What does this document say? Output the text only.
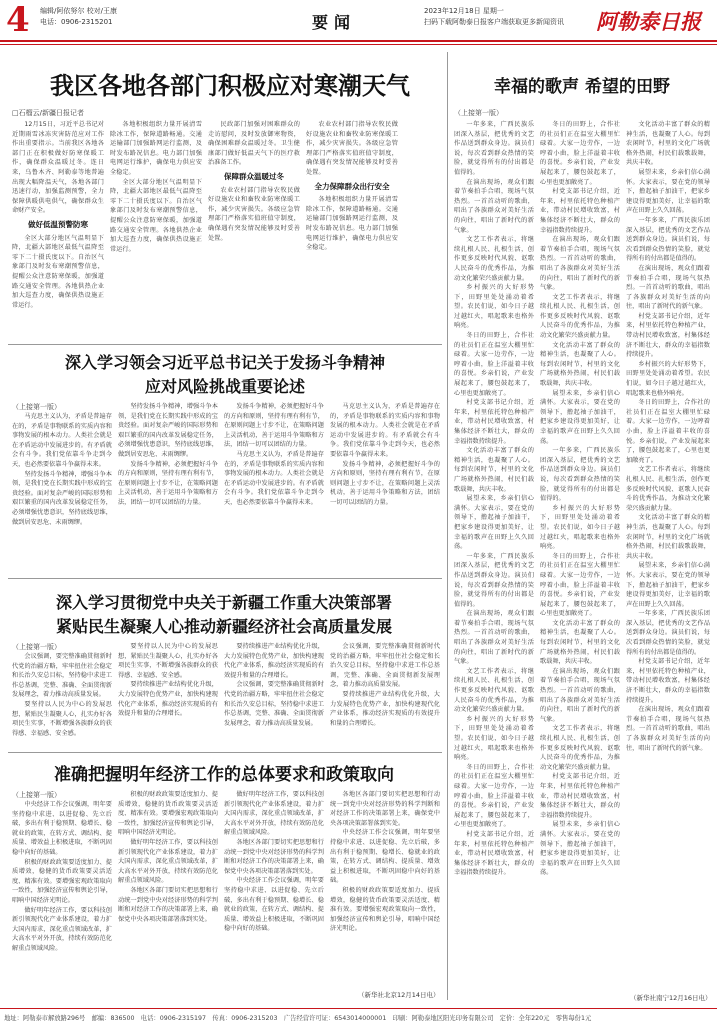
4 编辑/阿依努尔 校对/王康
电话：0906-2315201	要闻
2023年12月18日 星期一
扫码下载阿勒泰日报客户端获取更多新闻资讯 阿勒泰日报
我区各地各部门积极应对寒潮天气
□石榴云/新疆日报记者

12月15日，习近平总书记对近期雨雪冰冻灾害防范应对工作作出重要指示。当前我区各地各部门正在积极做好防寒保暖工作，确保群众温暖过冬。连日来，乌鲁木齐、阿勒泰等地普遍出现大幅降温天气，各地各部门迅速行动，加强监测预警，全力保障供暖供电供气，确保群众生命财产安全。

做好低温预警防寒

全区大部分地区气温明显下降，北疆大部地区最低气温降至零下二十摄氏度以下。自治区气象部门及时发布寒潮预警信息，提醒公众注意防寒保暖，加强道路交通安全管理。各地供热企业加大巡查力度，确保供热设施正常运行。

各地积极组织力量开展清雪除冰工作，保障道路畅通。交通运输部门加强路网运行监测，及时发布路况信息。电力部门加强电网运行维护，确保电力供应安全稳定。

全区大部分地区气温明显下降，北疆大部地区最低气温降至零下二十摄氏度以下。自治区气象部门及时发布寒潮预警信息，提醒公众注意防寒保暖，加强道路交通安全管理。各地供热企业加大巡查力度，确保供热设施正常运行。

民政部门加强对困难群众的走访慰问，及时发放御寒物资，确保困难群众温暖过冬。卫生健康部门做好低温天气下的医疗救治准备工作。

保障群众温暖过冬

农业农村部门指导农牧民做好设施农业和畜牧业防寒保暖工作，减少灾害损失。各级应急管理部门严格落实值班值守制度，确保遇有突发情况能够及时妥善处置。

农业农村部门指导农牧民做好设施农业和畜牧业防寒保暖工作，减少灾害损失。各级应急管理部门严格落实值班值守制度，确保遇有突发情况能够及时妥善处置。

全力保障群众出行安全

各地积极组织力量开展清雪除冰工作，保障道路畅通。交通运输部门加强路网运行监测，及时发布路况信息。电力部门加强电网运行维护，确保电力供应安全稳定。

幸福的歌声 希望的田野
（上接第一版）

一年多来，广西民族乐团深入基层，把优秀的文艺作品送到群众身边。演员们说，每次看到群众热情的笑脸，就觉得所有的付出都是值得的。

在演出现场，观众们跟着节奏拍手合唱，现场气氛热烈。一首首动听的歌曲，唱出了各族群众对美好生活的向往，唱出了新时代的新气象。

文艺工作者表示，将继续扎根人民、扎根生活，创作更多反映时代风貌、讴歌人民奋斗的优秀作品，为推动文化繁荣兴盛贡献力量。

乡村振兴的大好形势下，田野里处处涌动着希望。农民们说，如今日子越过越红火，唱起歌来也格外响亮。

冬日的田野上，合作社的社员们正在温室大棚里忙碌着。大家一边劳作，一边哼着小曲，脸上洋溢着丰收的喜悦。乡亲们说，产业发展起来了，腰包鼓起来了，心里也更加敞亮了。

村党支部书记介绍，近年来，村里依托特色种植产业，带动村民增收致富，村集体经济不断壮大，群众的幸福指数持续提升。

文化活动丰富了群众的精神生活，也凝聚了人心。每到农闲时节，村里的文化广场就格外热闹，村民们载歌载舞，共庆丰收。

展望未来，乡亲们信心满怀。大家表示，要在党的领导下，撸起袖子加油干，把家乡建设得更加美好，让幸福的歌声在田野上久久回荡。

一年多来，广西民族乐团深入基层，把优秀的文艺作品送到群众身边。演员们说，每次看到群众热情的笑脸，就觉得所有的付出都是值得的。

在演出现场，观众们跟着节奏拍手合唱，现场气氛热烈。一首首动听的歌曲，唱出了各族群众对美好生活的向往，唱出了新时代的新气象。

文艺工作者表示，将继续扎根人民、扎根生活，创作更多反映时代风貌、讴歌人民奋斗的优秀作品，为推动文化繁荣兴盛贡献力量。

乡村振兴的大好形势下，田野里处处涌动着希望。农民们说，如今日子越过越红火，唱起歌来也格外响亮。

冬日的田野上，合作社的社员们正在温室大棚里忙碌着。大家一边劳作，一边哼着小曲，脸上洋溢着丰收的喜悦。乡亲们说，产业发展起来了，腰包鼓起来了，心里也更加敞亮了。

村党支部书记介绍，近年来，村里依托特色种植产业，带动村民增收致富，村集体经济不断壮大，群众的幸福指数持续提升。

冬日的田野上，合作社的社员们正在温室大棚里忙碌着。大家一边劳作，一边哼着小曲，脸上洋溢着丰收的喜悦。乡亲们说，产业发展起来了，腰包鼓起来了，心里也更加敞亮了。

村党支部书记介绍，近年来，村里依托特色种植产业，带动村民增收致富，村集体经济不断壮大，群众的幸福指数持续提升。

在演出现场，观众们跟着节奏拍手合唱，现场气氛热烈。一首首动听的歌曲，唱出了各族群众对美好生活的向往，唱出了新时代的新气象。

文艺工作者表示，将继续扎根人民、扎根生活，创作更多反映时代风貌、讴歌人民奋斗的优秀作品，为推动文化繁荣兴盛贡献力量。

文化活动丰富了群众的精神生活，也凝聚了人心。每到农闲时节，村里的文化广场就格外热闹，村民们载歌载舞，共庆丰收。

展望未来，乡亲们信心满怀。大家表示，要在党的领导下，撸起袖子加油干，把家乡建设得更加美好，让幸福的歌声在田野上久久回荡。

一年多来，广西民族乐团深入基层，把优秀的文艺作品送到群众身边。演员们说，每次看到群众热情的笑脸，就觉得所有的付出都是值得的。

乡村振兴的大好形势下，田野里处处涌动着希望。农民们说，如今日子越过越红火，唱起歌来也格外响亮。

冬日的田野上，合作社的社员们正在温室大棚里忙碌着。大家一边劳作，一边哼着小曲，脸上洋溢着丰收的喜悦。乡亲们说，产业发展起来了，腰包鼓起来了，心里也更加敞亮了。

文化活动丰富了群众的精神生活，也凝聚了人心。每到农闲时节，村里的文化广场就格外热闹，村民们载歌载舞，共庆丰收。

在演出现场，观众们跟着节奏拍手合唱，现场气氛热烈。一首首动听的歌曲，唱出了各族群众对美好生活的向往，唱出了新时代的新气象。

文艺工作者表示，将继续扎根人民、扎根生活，创作更多反映时代风貌、讴歌人民奋斗的优秀作品，为推动文化繁荣兴盛贡献力量。

村党支部书记介绍，近年来，村里依托特色种植产业，带动村民增收致富，村集体经济不断壮大，群众的幸福指数持续提升。

展望未来，乡亲们信心满怀。大家表示，要在党的领导下，撸起袖子加油干，把家乡建设得更加美好，让幸福的歌声在田野上久久回荡。

文化活动丰富了群众的精神生活，也凝聚了人心。每到农闲时节，村里的文化广场就格外热闹，村民们载歌载舞，共庆丰收。

展望未来，乡亲们信心满怀。大家表示，要在党的领导下，撸起袖子加油干，把家乡建设得更加美好，让幸福的歌声在田野上久久回荡。

一年多来，广西民族乐团深入基层，把优秀的文艺作品送到群众身边。演员们说，每次看到群众热情的笑脸，就觉得所有的付出都是值得的。

在演出现场，观众们跟着节奏拍手合唱，现场气氛热烈。一首首动听的歌曲，唱出了各族群众对美好生活的向往，唱出了新时代的新气象。

村党支部书记介绍，近年来，村里依托特色种植产业，带动村民增收致富，村集体经济不断壮大，群众的幸福指数持续提升。

乡村振兴的大好形势下，田野里处处涌动着希望。农民们说，如今日子越过越红火，唱起歌来也格外响亮。

冬日的田野上，合作社的社员们正在温室大棚里忙碌着。大家一边劳作，一边哼着小曲，脸上洋溢着丰收的喜悦。乡亲们说，产业发展起来了，腰包鼓起来了，心里也更加敞亮了。

文艺工作者表示，将继续扎根人民、扎根生活，创作更多反映时代风貌、讴歌人民奋斗的优秀作品，为推动文化繁荣兴盛贡献力量。

文化活动丰富了群众的精神生活，也凝聚了人心。每到农闲时节，村里的文化广场就格外热闹，村民们载歌载舞，共庆丰收。

展望未来，乡亲们信心满怀。大家表示，要在党的领导下，撸起袖子加油干，把家乡建设得更加美好，让幸福的歌声在田野上久久回荡。

一年多来，广西民族乐团深入基层，把优秀的文艺作品送到群众身边。演员们说，每次看到群众热情的笑脸，就觉得所有的付出都是值得的。

村党支部书记介绍，近年来，村里依托特色种植产业，带动村民增收致富，村集体经济不断壮大，群众的幸福指数持续提升。

在演出现场，观众们跟着节奏拍手合唱，现场气氛热烈。一首首动听的歌曲，唱出了各族群众对美好生活的向往，唱出了新时代的新气象。

（新华社南宁12月16日电）
深入学习领会习近平总书记关于发扬斗争精神
应对风险挑战重要论述
（上接第一版）

马克思主义认为，矛盾是普遍存在的，矛盾是事物联系的实质内容和事物发展的根本动力。人类社会就是在矛盾运动中发展进步的。有矛盾就会有斗争。我们党依靠斗争走到今天，也必然要依靠斗争赢得未来。

坚持发扬斗争精神，增强斗争本领，是我们党在长期实践中形成的宝贵经验。面对复杂严峻的国际形势和艰巨繁重的国内改革发展稳定任务，必须增强忧患意识，坚持底线思维，做到居安思危、未雨绸缪。

坚持发扬斗争精神，增强斗争本领，是我们党在长期实践中形成的宝贵经验。面对复杂严峻的国际形势和艰巨繁重的国内改革发展稳定任务，必须增强忧患意识，坚持底线思维，做到居安思危、未雨绸缪。

发扬斗争精神，必须把握好斗争的方向和原则，坚持有理有利有节，在原则问题上寸步不让，在策略问题上灵活机动，善于运用斗争策略和方法，团结一切可以团结的力量。

发扬斗争精神，必须把握好斗争的方向和原则，坚持有理有利有节，在原则问题上寸步不让，在策略问题上灵活机动，善于运用斗争策略和方法，团结一切可以团结的力量。

马克思主义认为，矛盾是普遍存在的，矛盾是事物联系的实质内容和事物发展的根本动力。人类社会就是在矛盾运动中发展进步的。有矛盾就会有斗争。我们党依靠斗争走到今天，也必然要依靠斗争赢得未来。

马克思主义认为，矛盾是普遍存在的，矛盾是事物联系的实质内容和事物发展的根本动力。人类社会就是在矛盾运动中发展进步的。有矛盾就会有斗争。我们党依靠斗争走到今天，也必然要依靠斗争赢得未来。

发扬斗争精神，必须把握好斗争的方向和原则，坚持有理有利有节，在原则问题上寸步不让，在策略问题上灵活机动，善于运用斗争策略和方法，团结一切可以团结的力量。

深入学习贯彻党中央关于新疆工作重大决策部署
紧贴民生凝聚人心推动新疆经济社会高质量发展
（上接第一版）

会议强调，要完整准确贯彻新时代党的治疆方略，牢牢扭住社会稳定和长治久安总目标，坚持稳中求进工作总基调，完整、准确、全面贯彻新发展理念，着力推动高质量发展。

要坚持以人民为中心的发展思想，紧贴民生凝聚人心，扎实办好各项民生实事，不断增强各族群众的获得感、幸福感、安全感。

要坚持以人民为中心的发展思想，紧贴民生凝聚人心，扎实办好各项民生实事，不断增强各族群众的获得感、幸福感、安全感。

要持续推进产业结构优化升级，大力发展特色优势产业，加快构建现代化产业体系，推动经济实现质的有效提升和量的合理增长。

要持续推进产业结构优化升级，大力发展特色优势产业，加快构建现代化产业体系，推动经济实现质的有效提升和量的合理增长。

会议强调，要完整准确贯彻新时代党的治疆方略，牢牢扭住社会稳定和长治久安总目标，坚持稳中求进工作总基调，完整、准确、全面贯彻新发展理念，着力推动高质量发展。

会议强调，要完整准确贯彻新时代党的治疆方略，牢牢扭住社会稳定和长治久安总目标，坚持稳中求进工作总基调，完整、准确、全面贯彻新发展理念，着力推动高质量发展。

要持续推进产业结构优化升级，大力发展特色优势产业，加快构建现代化产业体系，推动经济实现质的有效提升和量的合理增长。

准确把握明年经济工作的总体要求和政策取向
（上接第一版）

中央经济工作会议强调，明年要坚持稳中求进、以进促稳、先立后破，多出有利于稳预期、稳增长、稳就业的政策，在转方式、调结构、提质量、增效益上积极进取，不断巩固稳中向好的基础。

积极的财政政策要适度加力、提质增效，稳健的货币政策要灵活适度、精准有效。要增强宏观政策取向一致性，加强经济宣传和舆论引导，唱响中国经济光明论。

做好明年经济工作，要以科技创新引领现代化产业体系建设，着力扩大国内需求，深化重点领域改革，扩大高水平对外开放，持续有效防范化解重点领域风险。

积极的财政政策要适度加力、提质增效，稳健的货币政策要灵活适度、精准有效。要增强宏观政策取向一致性，加强经济宣传和舆论引导，唱响中国经济光明论。

做好明年经济工作，要以科技创新引领现代化产业体系建设，着力扩大国内需求，深化重点领域改革，扩大高水平对外开放，持续有效防范化解重点领域风险。

各地区各部门要切实把思想和行动统一到党中央对经济形势的科学判断和对经济工作的决策部署上来，确保党中央各项决策部署落到实处。

做好明年经济工作，要以科技创新引领现代化产业体系建设，着力扩大国内需求，深化重点领域改革，扩大高水平对外开放，持续有效防范化解重点领域风险。

各地区各部门要切实把思想和行动统一到党中央对经济形势的科学判断和对经济工作的决策部署上来，确保党中央各项决策部署落到实处。

中央经济工作会议强调，明年要坚持稳中求进、以进促稳、先立后破，多出有利于稳预期、稳增长、稳就业的政策，在转方式、调结构、提质量、增效益上积极进取，不断巩固稳中向好的基础。

各地区各部门要切实把思想和行动统一到党中央对经济形势的科学判断和对经济工作的决策部署上来，确保党中央各项决策部署落到实处。

中央经济工作会议强调，明年要坚持稳中求进、以进促稳、先立后破，多出有利于稳预期、稳增长、稳就业的政策，在转方式、调结构、提质量、增效益上积极进取，不断巩固稳中向好的基础。

积极的财政政策要适度加力、提质增效，稳健的货币政策要灵活适度、精准有效。要增强宏观政策取向一致性，加强经济宣传和舆论引导，唱响中国经济光明论。

（新华社北京12月14日电）
地址：阿勒泰市解放路296号　邮编：836500　电话：0906-2315197　传真：0906-2315203　广告经营许可证：6543014000001　印刷：阿勒泰地区阳光印务有限公司　定价：全年220元　零售每份1元
